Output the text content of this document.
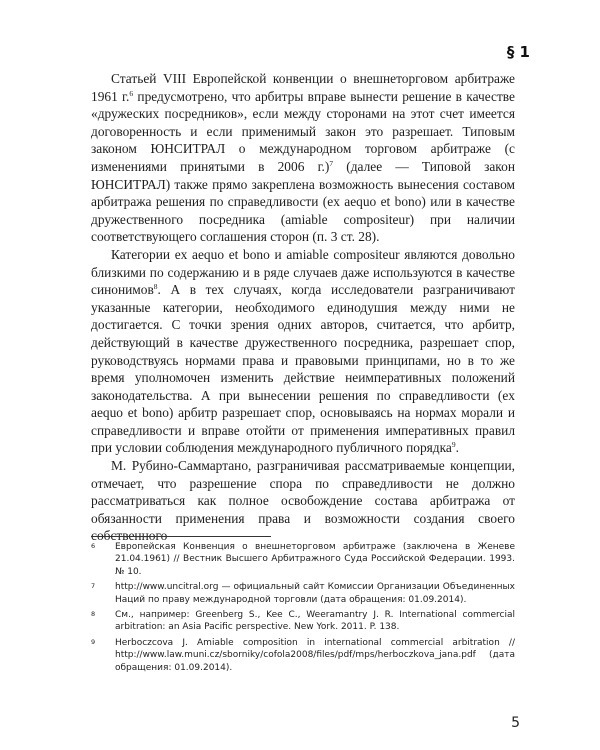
§ 1

Статьей VIII Европейской конвенции о внешнеторговом арбитраже 1961 г.$^6$ предусмотрено, что арбитры вправе вынести решение в качестве «дружеских посредников», если между сторонами на этот счет имеется договоренность и если применимый закон это разрешает. Типовым законом ЮНСИТРАЛ о международном торговом арбитраже (с изменениями принятыми в 2006 г.)$^7$ (далее — Типовой закон ЮНСИТРАЛ) также прямо закреплена возможность вынесения составом арбитража решения по справедливости (ex aequo et bono) или в качестве дружественного посредника (amiable compositeur) при наличии соответствующего соглашения сторон (п. 3 ст. 28).

Категории ex aequo et bono и amiable compositeur являются довольно близкими по содержанию и в ряде случаев даже используются в качестве синонимов$^8$. А в тех случаях, когда исследователи разграничивают указанные категории, необходимого единодушия между ними не достигается. С точки зрения одних авторов, считается, что арбитр, действующий в качестве дружественного посредника, разрешает спор, руководствуясь нормами права и правовыми принципами, но в то же время уполномочен изменить действие неимперативных положений законодательства. А при вынесении решения по справедливости (ex aequo et bono) арбитр разрешает спор, основываясь на нормах морали и справедливости и вправе отойти от применения императивных правил при условии соблюдения международного публичного порядка$^9$.

М. Рубино-Саммартано, разграничивая рассматриваемые концепции, отмечает, что разрешение спора по справедливости не должно рассматриваться как полное освобождение состава арбитража от обязанности применения права и возможности создания своего собственного

6 Европейская Конвенция о внешнеторговом арбитраже (заключена в Женеве 21.04.1961) // Вестник Высшего Арбитражного Суда Российской Федерации. 1993. № 10.
7 http://www.uncitral.org — официальный сайт Комиссии Организации Объединенных Наций по праву международной торговли (дата обращения: 01.09.2014).
8 См., например: Greenberg S., Kee C., Weeramantry J. R. International commercial arbitration: an Asia Pacific perspective. New York. 2011. P. 138.
9 Herboczcova J. Amiable composition in international commercial arbitration // http://www.law.muni.cz/sborniky/cofola2008/files/pdf/mps/herboczkova_jana.pdf (дата обращения: 01.09.2014).
5
